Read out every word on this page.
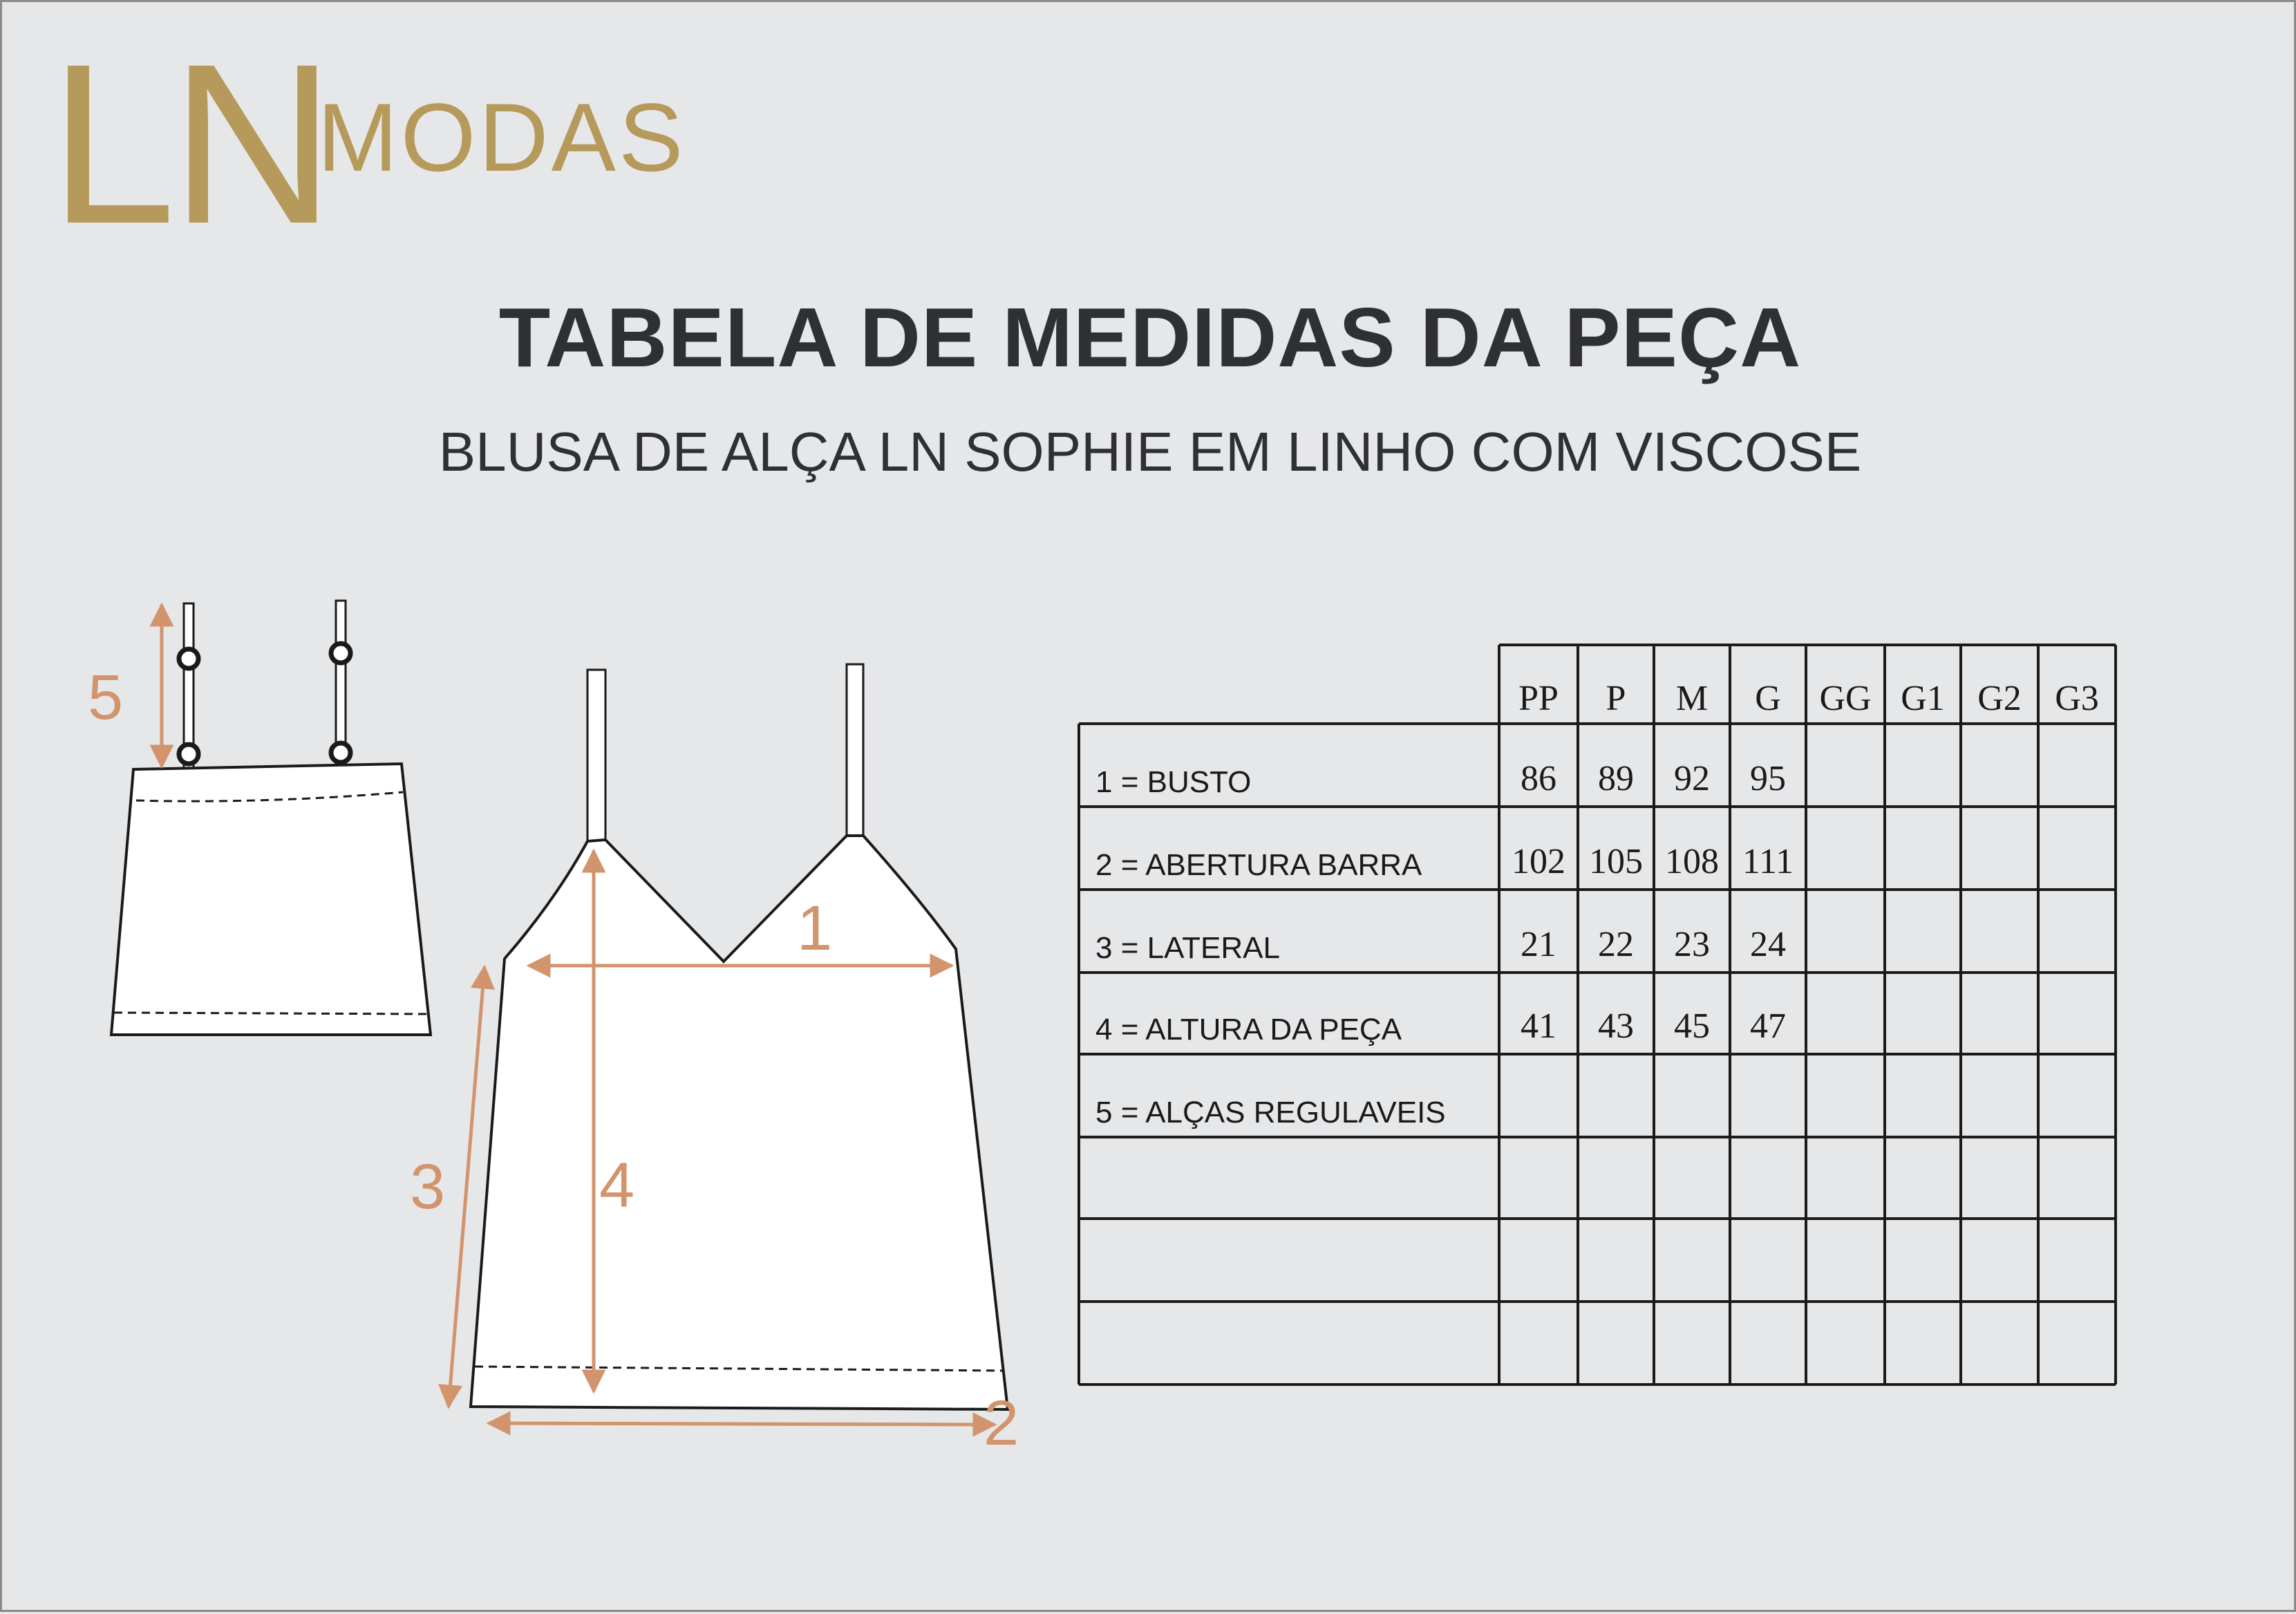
LN
MODAS
TABELA DE MEDIDAS DA PEÇA
BLUSA DE ALÇA LN SOPHIE EM LINHO COM VISCOSE
5
1
3 4
2
PP	P	M	G	GG G1 G2 G3
1 = BUSTO	86	89	92	95
2 = ABERTURA BARRA	102 105 108 111
3 = LATERAL	21	22	23	24
4 = ALTURA DA PEÇA	41	43	45	47
5 = ALÇAS REGULAVEIS
